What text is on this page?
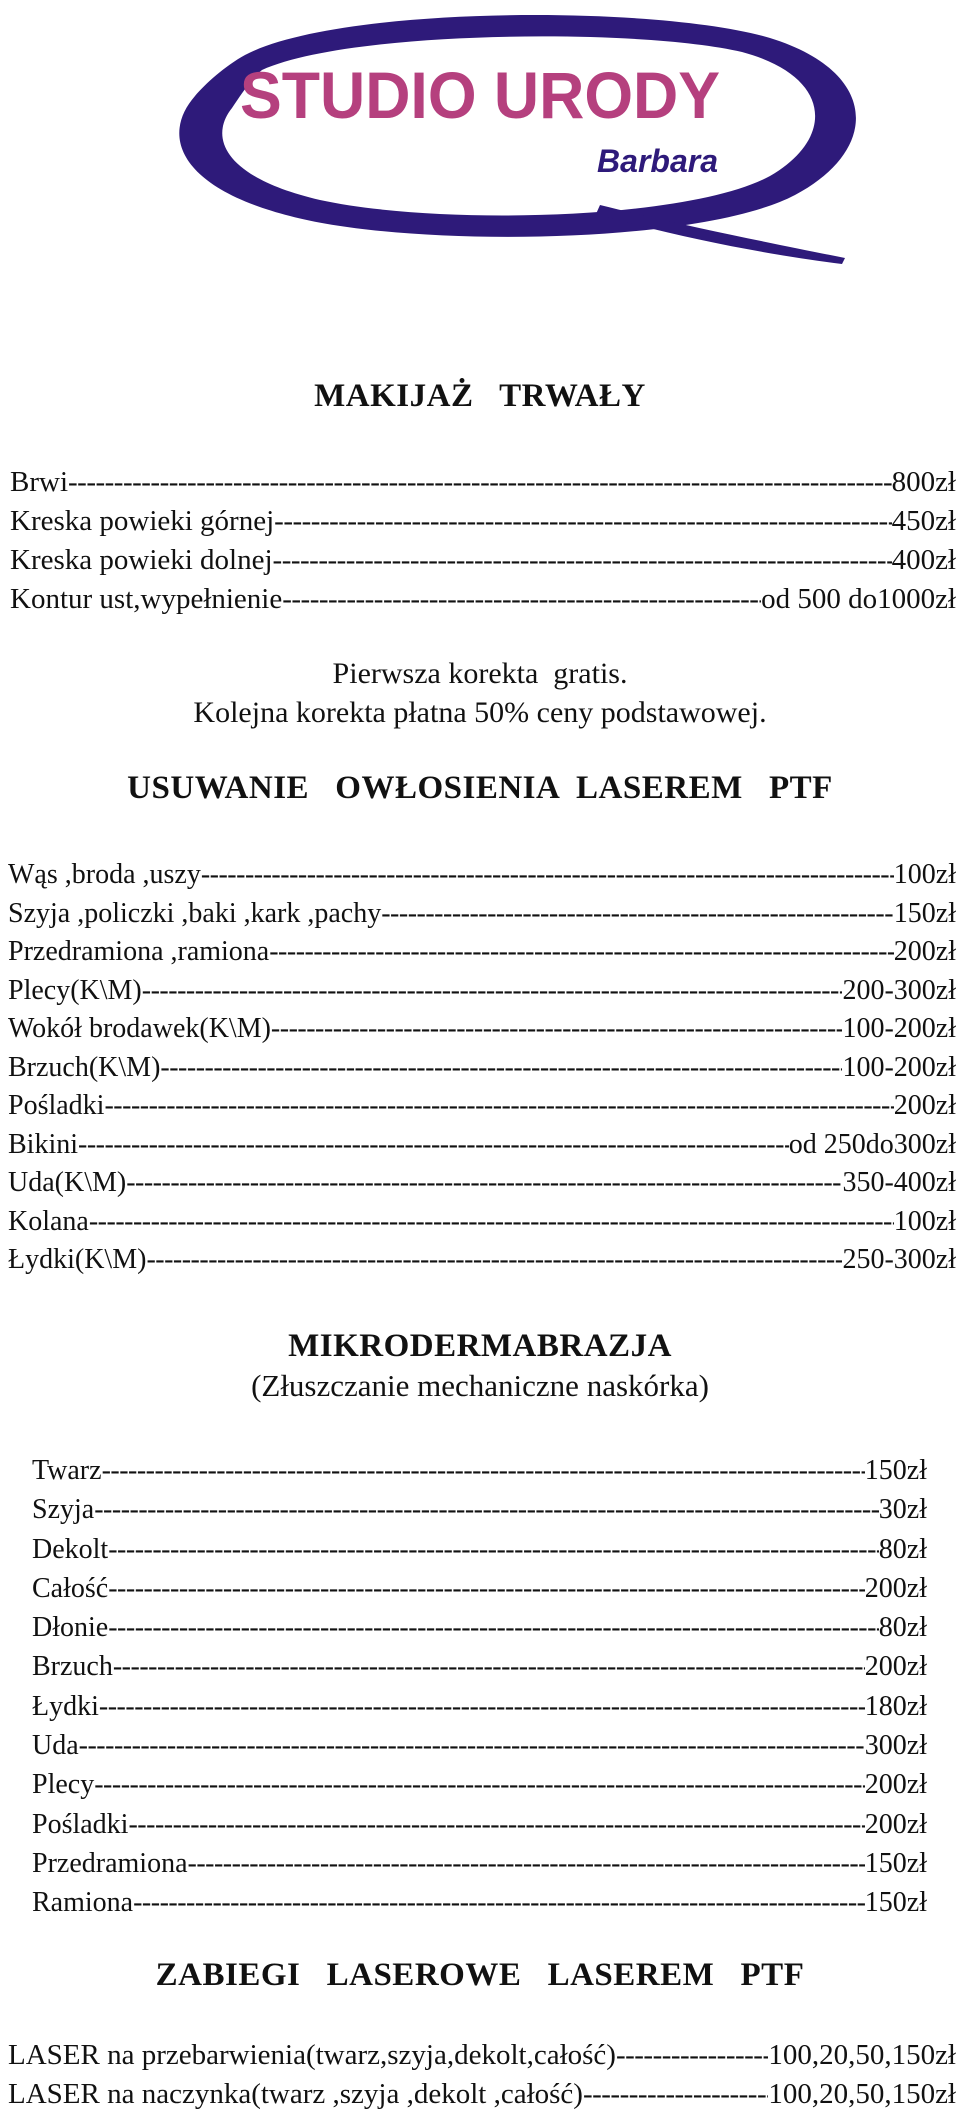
STUDIO URODY
Barbara
MAKIJAŻ   TRWAŁY
Brwi -----	800zł
Kreska powieki górnej -----	450zł
Kreska powieki dolnej -----	400zł
Kontur ust,wypełnienie -----	od 500 do1000zł
Pierwsza korekta  gratis.
Kolejna korekta płatna 50% ceny podstawowej.
USUWANIE   OWŁOSIENIA  LASEREM   PTF
Wąs ,broda ,uszy -----	100zł
Szyja ,policzki ,baki ,kark ,pachy -----	150zł
Przedramiona ,ramiona -----	200zł
Plecy(K\M) -----	200-300zł
Wokół brodawek(K\M) -----	100-200zł
Brzuch(K\M) -----	100-200zł
Pośladki -----	200zł
Bikini -----	od 250do300zł
Uda(K\M) -----	350-400zł
Kolana -----	100zł
Łydki(K\M) -----	250-300zł
MIKRODERMABRAZJA
(Złuszczanie mechaniczne naskórka)
Twarz -----	150zł
Szyja -----	30zł
Dekolt -----	80zł
Całość -----	200zł
Dłonie -----	80zł
Brzuch -----	200zł
Łydki -----	180zł
Uda -----	300zł
Plecy -----	200zł
Pośladki -----	200zł
Przedramiona -----	150zł
Ramiona -----	150zł
ZABIEGI   LASEROWE   LASEREM   PTF
LASER na przebarwienia(twarz,szyja,dekolt,całość) -----	100,20,50,150zł
LASER na naczynka(twarz ,szyja ,dekolt ,całość) -----	100,20,50,150zł
